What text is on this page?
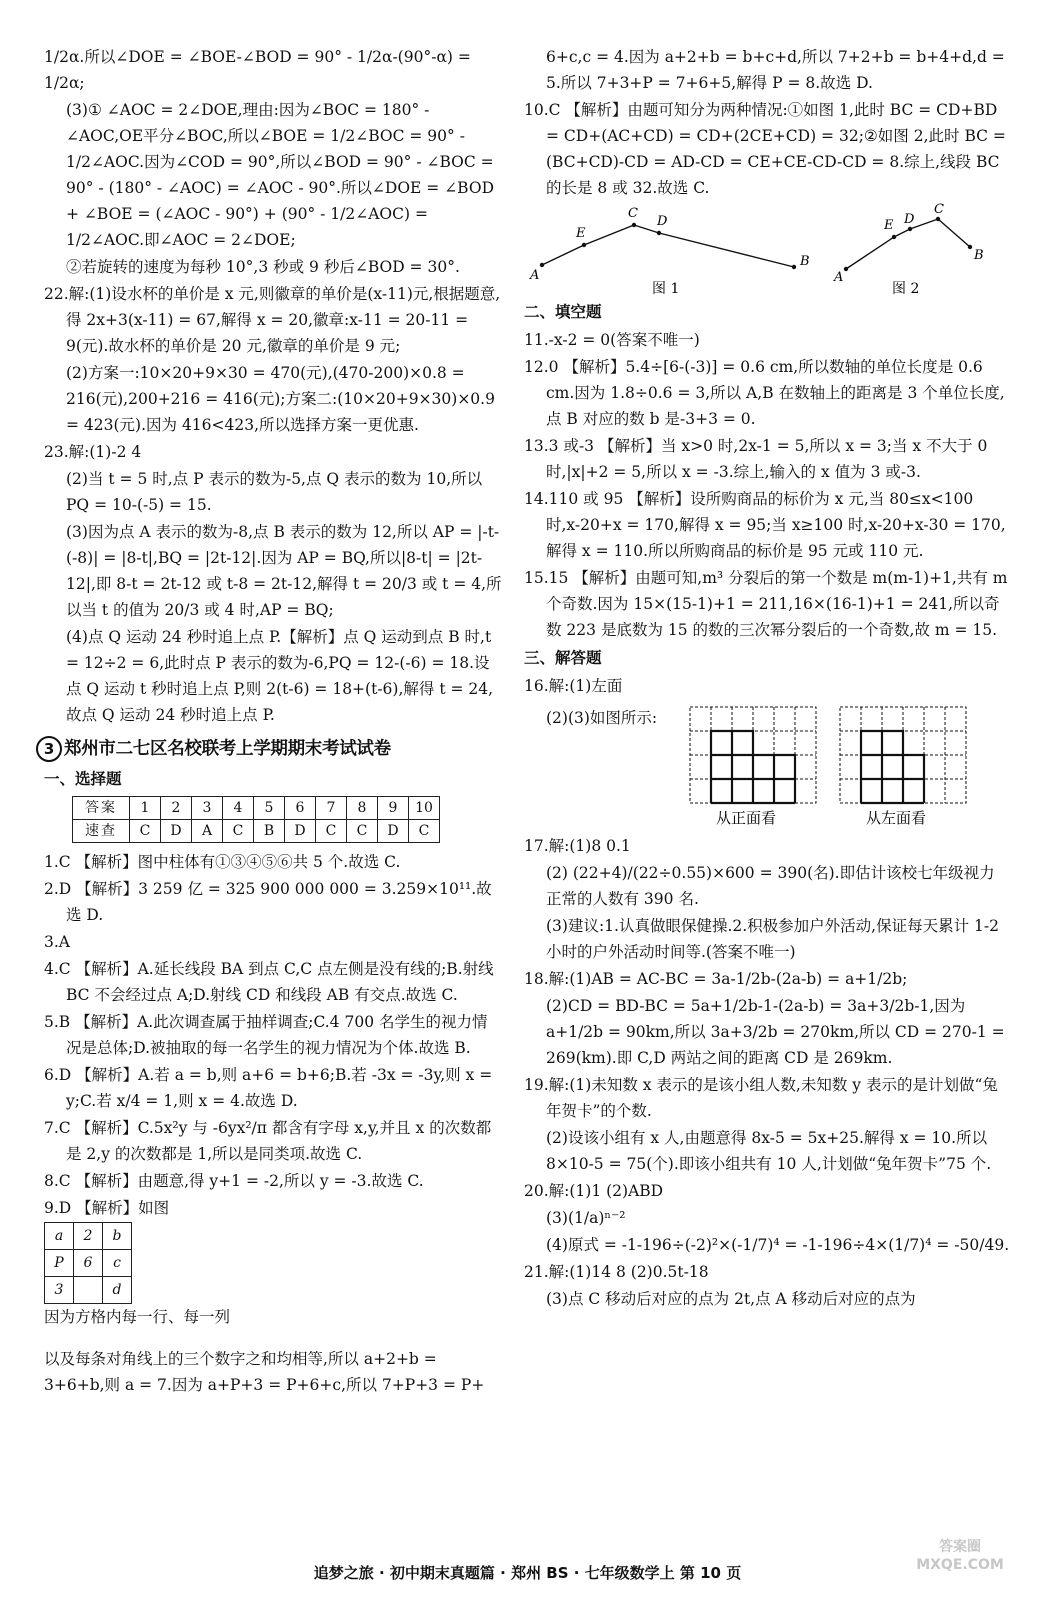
1/2α.所以∠DOE = ∠BOE-∠BOD = 90° - 1/2α-(90°-α) = 1/2α;

(3)① ∠AOC = 2∠DOE,理由:因为∠BOC = 180° - ∠AOC,OE平分∠BOC,所以∠BOE = 1/2∠BOC = 90° - 1/2∠AOC.因为∠COD = 90°,所以∠BOD = 90° - ∠BOC = 90° - (180° - ∠AOC) = ∠AOC - 90°.所以∠DOE = ∠BOD + ∠BOE = (∠AOC - 90°) + (90° - 1/2∠AOC) = 1/2∠AOC.即∠AOC = 2∠DOE;

②若旋转的速度为每秒 10°,3 秒或 9 秒后∠BOD = 30°.

22.解:(1)设水杯的单价是 x 元,则徽章的单价是(x-11)元,根据题意,得 2x+3(x-11) = 67,解得 x = 20,徽章:x-11 = 20-11 = 9(元).故水杯的单价是 20 元,徽章的单价是 9 元;

(2)方案一:10×20+9×30 = 470(元),(470-200)×0.8 = 216(元),200+216 = 416(元);方案二:(10×20+9×30)×0.9 = 423(元).因为 416<423,所以选择方案一更优惠.

23.解:(1)-2 4

(2)当 t = 5 时,点 P 表示的数为-5,点 Q 表示的数为 10,所以 PQ = 10-(-5) = 15.

(3)因为点 A 表示的数为-8,点 B 表示的数为 12,所以 AP = |-t-(-8)| = |8-t|,BQ = |2t-12|.因为 AP = BQ,所以|8-t| = |2t-12|,即 8-t = 2t-12 或 t-8 = 2t-12,解得 t = 20/3 或 t = 4,所以当 t 的值为 20/3 或 4 时,AP = BQ;

(4)点 Q 运动 24 秒时追上点 P.【解析】点 Q 运动到点 B 时,t = 12÷2 = 6,此时点 P 表示的数为-6,PQ = 12-(-6) = 18.设点 Q 运动 t 秒时追上点 P,则 2(t-6) = 18+(t-6),解得 t = 24,故点 Q 运动 24 秒时追上点 P.

3 郑州市二七区名校联考上学期期末考试试卷
一、选择题
答案	1	2	3	4	5	6	7	8	9	10
速查	C	D	A	C	B	D	C	C	D	C

1.C 【解析】图中柱体有①③④⑤⑥共 5 个.故选 C.

2.D 【解析】3 259 亿 = 325 900 000 000 = 3.259×10¹¹.故选 D.

3.A

4.C 【解析】A.延长线段 BA 到点 C,C 点左侧是没有线的;B.射线 BC 不会经过点 A;D.射线 CD 和线段 AB 有交点.故选 C.

5.B 【解析】A.此次调查属于抽样调查;C.4 700 名学生的视力情况是总体;D.被抽取的每一名学生的视力情况为个体.故选 B.

6.D 【解析】A.若 a = b,则 a+6 = b+6;B.若 -3x = -3y,则 x = y;C.若 x/4 = 1,则 x = 4.故选 D.

7.C 【解析】C.5x²y 与 -6yx²/π 都含有字母 x,y,并且 x 的次数都是 2,y 的次数都是 1,所以是同类项.故选 C.

8.C 【解析】由题意,得 y+1 = -2,所以 y = -3.故选 C.

9.D 【解析】如图

a	2	b
P	6	c
3		d
因为方格内每一行、每一列

以及每条对角线上的三个数字之和均相等,所以 a+2+b = 3+6+b,则 a = 7.因为 a+P+3 = P+6+c,所以 7+P+3 = P+

6+c,c = 4.因为 a+2+b = b+c+d,所以 7+2+b = b+4+d,d = 5.所以 7+3+P = 7+6+5,解得 P = 8.故选 D.

10.C 【解析】由题可知分为两种情况:①如图 1,此时 BC = CD+BD = CD+(AC+CD) = CD+(2CE+CD) = 32;②如图 2,此时 BC = (BC+CD)-CD = AD-CD = CE+CE-CD-CD = 8.综上,线段 BC 的长是 8 或 32.故选 C.

A
E
C
D
B
A
E D
C
B
图 1	图 2
二、填空题

11.-x-2 = 0(答案不唯一)

12.0 【解析】5.4÷[6-(-3)] = 0.6 cm,所以数轴的单位长度是 0.6 cm.因为 1.8÷0.6 = 3,所以 A,B 在数轴上的距离是 3 个单位长度,点 B 对应的数 b 是-3+3 = 0.

13.3 或-3 【解析】当 x>0 时,2x-1 = 5,所以 x = 3;当 x 不大于 0 时,|x|+2 = 5,所以 x = -3.综上,输入的 x 值为 3 或-3.

14.110 或 95 【解析】设所购商品的标价为 x 元,当 80≤x<100 时,x-20+x = 170,解得 x = 95;当 x≥100 时,x-20+x-30 = 170,解得 x = 110.所以所购商品的标价是 95 元或 110 元.

15.15 【解析】由题可知,m³ 分裂后的第一个数是 m(m-1)+1,共有 m 个奇数.因为 15×(15-1)+1 = 211,16×(16-1)+1 = 241,所以奇数 223 是底数为 15 的数的三次幂分裂后的一个奇数,故 m = 15.

三、解答题

16.解:(1)左面

(2)(3)如图所示:
从正面看	从左面看

17.解:(1)8 0.1

(2) (22+4)/(22÷0.55)×600 = 390(名).即估计该校七年级视力正常的人数有 390 名.

(3)建议:1.认真做眼保健操.2.积极参加户外活动,保证每天累计 1-2 小时的户外活动时间等.(答案不唯一)

18.解:(1)AB = AC-BC = 3a-1/2b-(2a-b) = a+1/2b;

(2)CD = BD-BC = 5a+1/2b-1-(2a-b) = 3a+3/2b-1,因为 a+1/2b = 90km,所以 3a+3/2b = 270km,所以 CD = 270-1 = 269(km).即 C,D 两站之间的距离 CD 是 269km.

19.解:(1)未知数 x 表示的是该小组人数,未知数 y 表示的是计划做“兔年贺卡”的个数.

(2)设该小组有 x 人,由题意得 8x-5 = 5x+25.解得 x = 10.所以 8×10-5 = 75(个).即该小组共有 10 人,计划做“兔年贺卡”75 个.

20.解:(1)1 (2)ABD

(3)(1/a)ⁿ⁻²

(4)原式 = -1-196÷(-2)²×(-1/7)⁴ = -1-196÷4×(1/7)⁴ = -50/49.

21.解:(1)14 8 (2)0.5t-18

(3)点 C 移动后对应的点为 2t,点 A 移动后对应的点为

追梦之旅 · 初中期末真题篇 · 郑州 BS · 七年级数学上 第 10 页
答案圈
MXQE.COM
